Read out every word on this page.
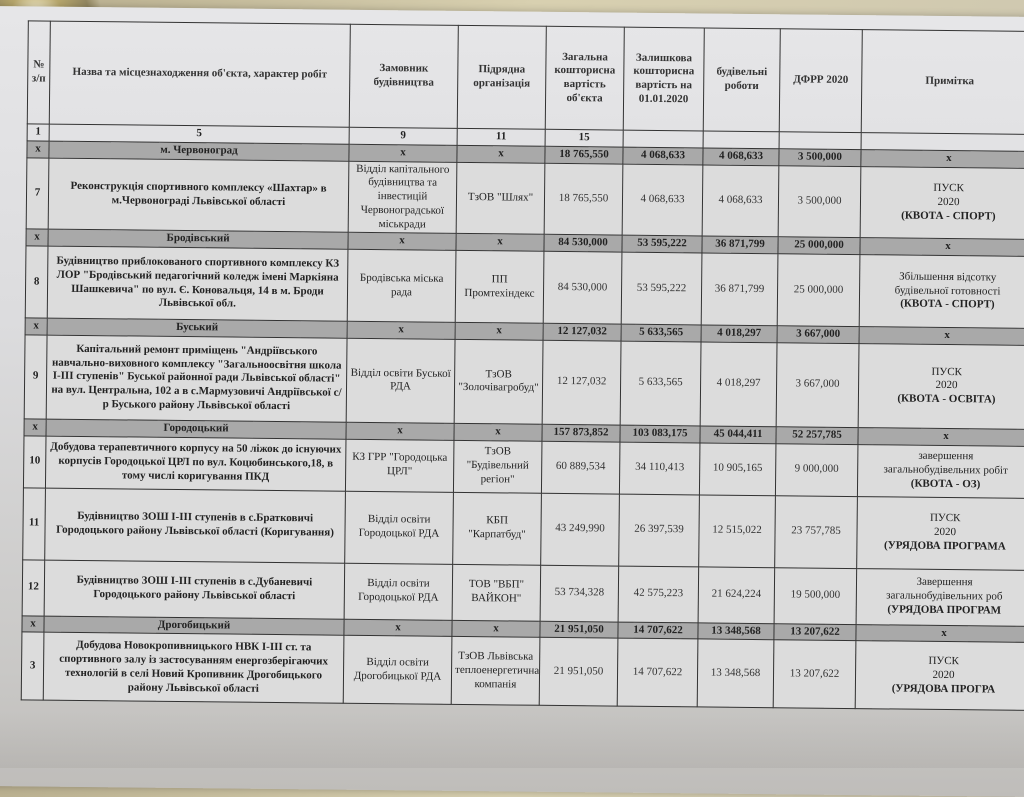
№ з/п	Назва та місцезнаходження об'єкта, характер робіт	Замовник будівництва	Підрядна організація	Загальна кошторисна вартість об'єкта	Залишкова кошторисна вартість на 01.01.2020	будівельні роботи	ДФРР 2020	Примітка
1	5	9	11	15				
x	м. Червоноград	x	x	18 765,550	4 068,633	4 068,633	3 500,000	x
7	Реконструкція спортивного комплексу «Шахтар» в м.Червонограді Львівської області	Відділ капітального будівництва та інвестицій Червоноградської міськради	ТзОВ "Шлях"	18 765,550	4 068,633	4 068,633	3 500,000	ПУСК
2020
(КВОТА - СПОРТ)

x	Бродівський	x	x	84 530,000	53 595,222	36 871,799	25 000,000	x
8	Будівництво приблокованого спортивного комплексу КЗ ЛОР "Бродівський педагогічний коледж імені Маркіяна Шашкевича" по вул. Є. Коновальця, 14 в м. Броди Львівської обл.	Бродівська міська рада	ПП Промтехіндекс	84 530,000	53 595,222	36 871,799	25 000,000	Збільшення відсотку
будівельної готовності
(КВОТА - СПОРТ)

x	Буський	x	x	12 127,032	5 633,565	4 018,297	3 667,000	x
9	Капітальний ремонт приміщень "Андріївського навчально-виховного комплексу "Загальноосвітня школа І-ІІІ ступенів" Буської районної ради Львівської області" на вул. Центральна, 102 а в с.Мармузовичі Андріївської с/р Буського району Львівської області	Відділ освіти Буської РДА	ТзОВ "Золочівагробуд"	12 127,032	5 633,565	4 018,297	3 667,000	
ПУСК
2020
(КВОТА - ОСВІТА)

x	Городоцький	x	x	157 873,852	103 083,175	45 044,411	52 257,785	x
10	Добудова терапевтичного корпусу на 50 ліжок до існуючих корпусів Городоцької ЦРЛ по вул. Коцюбинського,18, в тому числі коригування ПКД	КЗ ГРР "Городоцька ЦРЛ"	ТзОВ "Будівельний регіон"	60 889,534	34 110,413	10 905,165	9 000,000	завершення
загальнобудівельних робіт
(КВОТА - ОЗ)

11	Будівництво ЗОШ І-ІІІ ступенів в с.Братковичі Городоцького району Львівської області (Коригування)	Відділ освіти Городоцької РДА	КБП "Карпатбуд"	43 249,990	26 397,539	12 515,022	23 757,785	ПУСК
2020
(УРЯДОВА ПРОГРАМА

12	Будівництво ЗОШ І-ІІІ ступенів в с.Дубаневичі Городоцького району Львівської області	Відділ освіти Городоцької РДА	ТОВ "ВБП" ВАЙКОН"	53 734,328	42 575,223	21 624,224	19 500,000	Завершення
загальнобудівельних роб
(УРЯДОВА ПРОГРАМ

x	Дрогобицький	x	x	21 951,050	14 707,622	13 348,568	13 207,622	x
3	Добудова Новокропивницького НВК І-ІІІ ст. та спортивного залу із застосуванням енергозберігаючих технологій в селі Новий Кропивник Дрогобицького району Львівської області	Відділ освіти Дрогобицької РДА	ТзОВ Львівська теплоенергетична компанія	21 951,050	14 707,622	13 348,568	13 207,622	ПУСК
2020
(УРЯДОВА ПРОГРА
